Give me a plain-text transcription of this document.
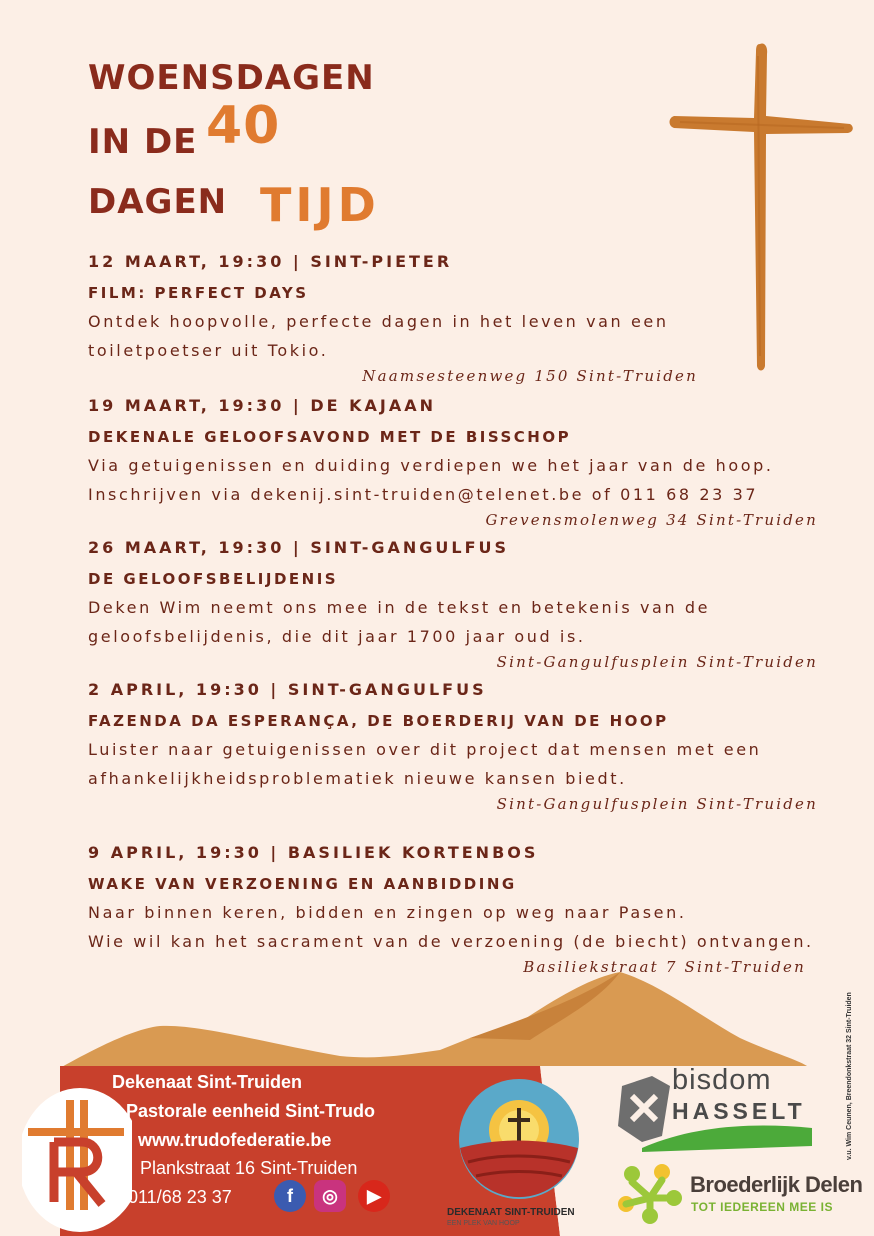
WOENSDAGEN
IN DE 40
DAGEN TIJD
12 MAART, 19:30 | SINT-PIETER
FILM: PERFECT DAYS
Ontdek hoopvolle, perfecte dagen in het leven van een
toiletpoetser uit Tokio.
Naamsesteenweg 150 Sint-Truiden
19 MAART, 19:30 | DE KAJAAN
DEKENALE GELOOFSAVOND MET DE BISSCHOP
Via getuigenissen en duiding verdiepen we het jaar van de hoop.
Inschrijven via dekenij.sint-truiden@telenet.be of 011 68 23 37
Grevensmolenweg 34 Sint-Truiden
26 MAART, 19:30 | SINT-GANGULFUS
DE GELOOFSBELIJDENIS
Deken Wim neemt ons mee in de tekst en betekenis van de
geloofsbelijdenis, die dit jaar 1700 jaar oud is.
Sint-Gangulfusplein Sint-Truiden
2 APRIL, 19:30 | SINT-GANGULFUS
FAZENDA DA ESPERANÇA, DE BOERDERIJ VAN DE HOOP
Luister naar getuigenissen over dit project dat mensen met een
afhankelijkheidsproblematiek nieuwe kansen biedt.
Sint-Gangulfusplein Sint-Truiden
9 APRIL, 19:30 | BASILIEK KORTENBOS
WAKE VAN VERZOENING EN AANBIDDING
Naar binnen keren, bidden en zingen op weg naar Pasen.
Wie wil kan het sacrament van de verzoening (de biecht) ontvangen.
Basiliekstraat 7 Sint-Truiden
Dekenaat Sint-Truiden
Pastorale eenheid Sint-Trudo
www.trudofederatie.be
Plankstraat 16 Sint-Truiden
011/68 23 37	f	◎	▶
DEKENAAT SINT-TRUIDEN
EEN PLEK VAN HOOP
bisdom
HASSELT
Broederlijk Delen
TOT IEDEREEN MEE IS
v.u. Wim Ceunen, Breendonkstraat 32 Sint-Truiden
